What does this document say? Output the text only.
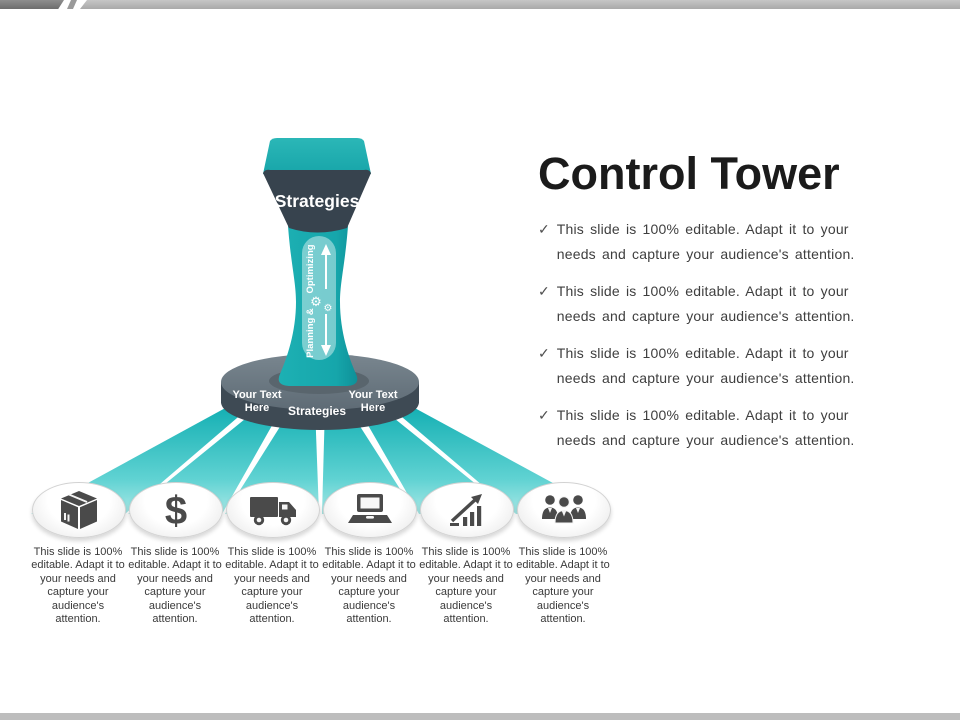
Strategies
⚙ ⚙
Optimizing
Planning &
Your Text Here	Strategies
Your Text Here
$
This slide is 100% editable. Adapt it to your needs and capture your audience's attention.
This slide is 100% editable. Adapt it to your needs and capture your audience's attention.
This slide is 100% editable. Adapt it to your needs and capture your audience's attention.
This slide is 100% editable. Adapt it to your needs and capture your audience's attention.
This slide is 100% editable. Adapt it to your needs and capture your audience's attention.
This slide is 100% editable. Adapt it to your needs and capture your audience's attention.
Control Tower
✓ This slide is 100% editable. Adapt it to your needs and capture your audience's attention.
✓ This slide is 100% editable. Adapt it to your needs and capture your audience's attention.
✓ This slide is 100% editable. Adapt it to your needs and capture your audience's attention.
✓ This slide is 100% editable. Adapt it to your needs and capture your audience's attention.
